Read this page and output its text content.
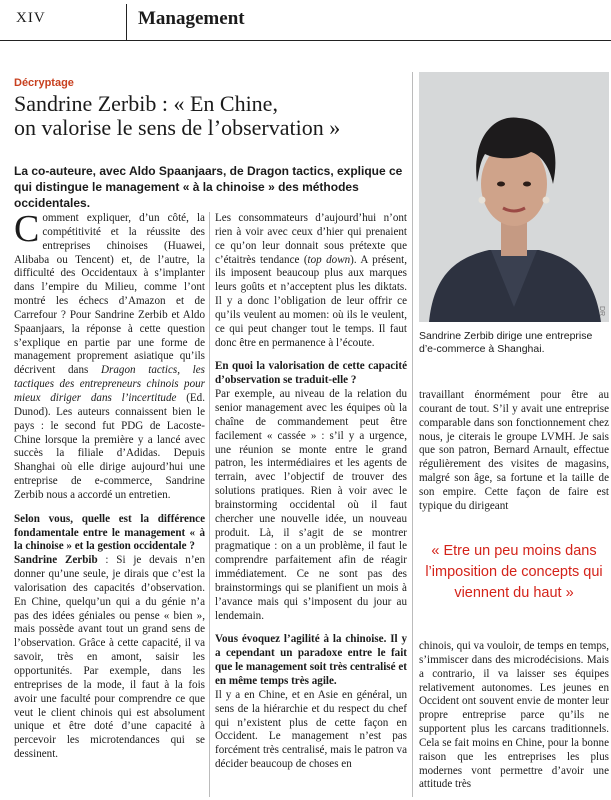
XIV	Management
Décryptage
Sandrine Zerbib : « En Chine,
on valorise le sens de l’observation »

La co-auteure, avec Aldo Spaanjaars, de Dragon tactics, explique ce qui distingue le management « à la chinoise » des méthodes occidentales.

Comment expliquer, d’un côté, la compétitivité et la réussite des entreprises chinoises (Huawei, Alibaba ou Tencent) et, de l’autre, la difficulté des Occidentaux à s’implanter dans l’empire du Milieu, comme l’ont montré les échecs d’Amazon et de Carrefour ? Pour Sandrine Zerbib et Aldo Spaanjaars, la réponse à cette question s’explique en partie par une forme de management proprement asiatique qu’ils décrivent dans Dragon tactics, les tactiques des entrepreneurs chinois pour mieux diriger dans l’incertitude (Ed. Dunod). Les auteurs connaissent bien le pays : le second fut PDG de Lacoste-Chine lorsque la première y a lancé avec succès la filiale d’Adidas. Depuis Shanghai où elle dirige aujourd’hui une entreprise de e-commerce, Sandrine Zerbib nous a accordé un entretien.

Selon vous, quelle est la différence fondamentale entre le management « à la chinoise » et la gestion occidentale ?

Sandrine Zerbib : Si je devais n’en donner qu’une seule, je dirais que c’est la valorisation des capacités d’observation. En Chine, quelqu’un qui a du génie n’a pas des idées géniales ou pense « bien », mais possède avant tout un grand sens de l’observation. Grâce à cette capacité, il va savoir, très en amont, saisir les opportunités. Par exemple, dans les entreprises de la mode, il faut à la fois avoir une faculté pour comprendre ce que veut le client chinois qui est absolument unique et être doté d’une capacité à percevoir les microtendances qui se dessinent.

Les consommateurs d’aujourd’hui n’ont rien à voir avec ceux d’hier qui prenaient ce qu’on leur donnait sous prétexte que c’étaitrès tendance (top down). A présent, ils imposent beaucoup plus aux marques leurs goûts et n’acceptent plus les diktats. Il y a donc l’obligation de leur offrir ce qu’ils veulent au momen: où ils le veulent, ce qui peut changer tout le temps. Il faut donc être en permanence à l’écoute.

En quoi la valorisation de cette capacité d’observation se traduit-elle ?

Par exemple, au niveau de la relation du senior management avec les équipes où la chaîne de commandement peut être facilement « cassée » : s’il y a urgence, une réunion se monte entre le grand patron, les intermédiaires et les agents de terrain, avec l’objectif de trouver des solutions pratiques. Rien à voir avec le brainstorming occidental où il faut chercher une nouvelle idée, un nouveau produit. Là, il s’agit de se montrer pragmatique : on a un problème, il faut le comprendre parfaitement afin de réagir immédiatement. Ce ne sont pas des brainstormings qui se planifient un mois à l’avance mais qui s’imposent du jour au lendemain.

Vous évoquez l’agilité à la chinoise. Il y a cependant un paradoxe entre le fait que le management soit très centralisé et en même temps très agile.

Il y a en Chine, et en Asie en général, un sens de la hiérarchie et du respect du chef qui n’existent plus de cette façon en Occident. Le management n’est pas forcément très centralisé, mais le patron va décider beaucoup de choses en

DR
Sandrine Zerbib dirige une entreprise d’e-commerce à Shanghai.

travaillant énormément pour être au courant de tout. S’il y avait une entreprise comparable dans son fonctionnement chez nous, je citerais le groupe LVMH. Je sais que son patron, Bernard Arnault, effectue régulièrement des visites de magasins, malgré son âge, sa fortune et la taille de son empire. Cette façon de faire est typique du dirigeant

« Etre un peu moins dans l’imposition de concepts qui viennent du haut »

chinois, qui va vouloir, de temps en temps, s’immiscer dans des microdécisions. Mais a contrario, il va laisser ses équipes relativement autonomes. Les jeunes en Occident ont souvent envie de monter leur propre entreprise parce qu’ils ne supportent plus les carcans traditionnels. Cela se fait moins en Chine, pour la bonne raison que les entreprises les plus modernes vont permettre d’avoir une attitude très
